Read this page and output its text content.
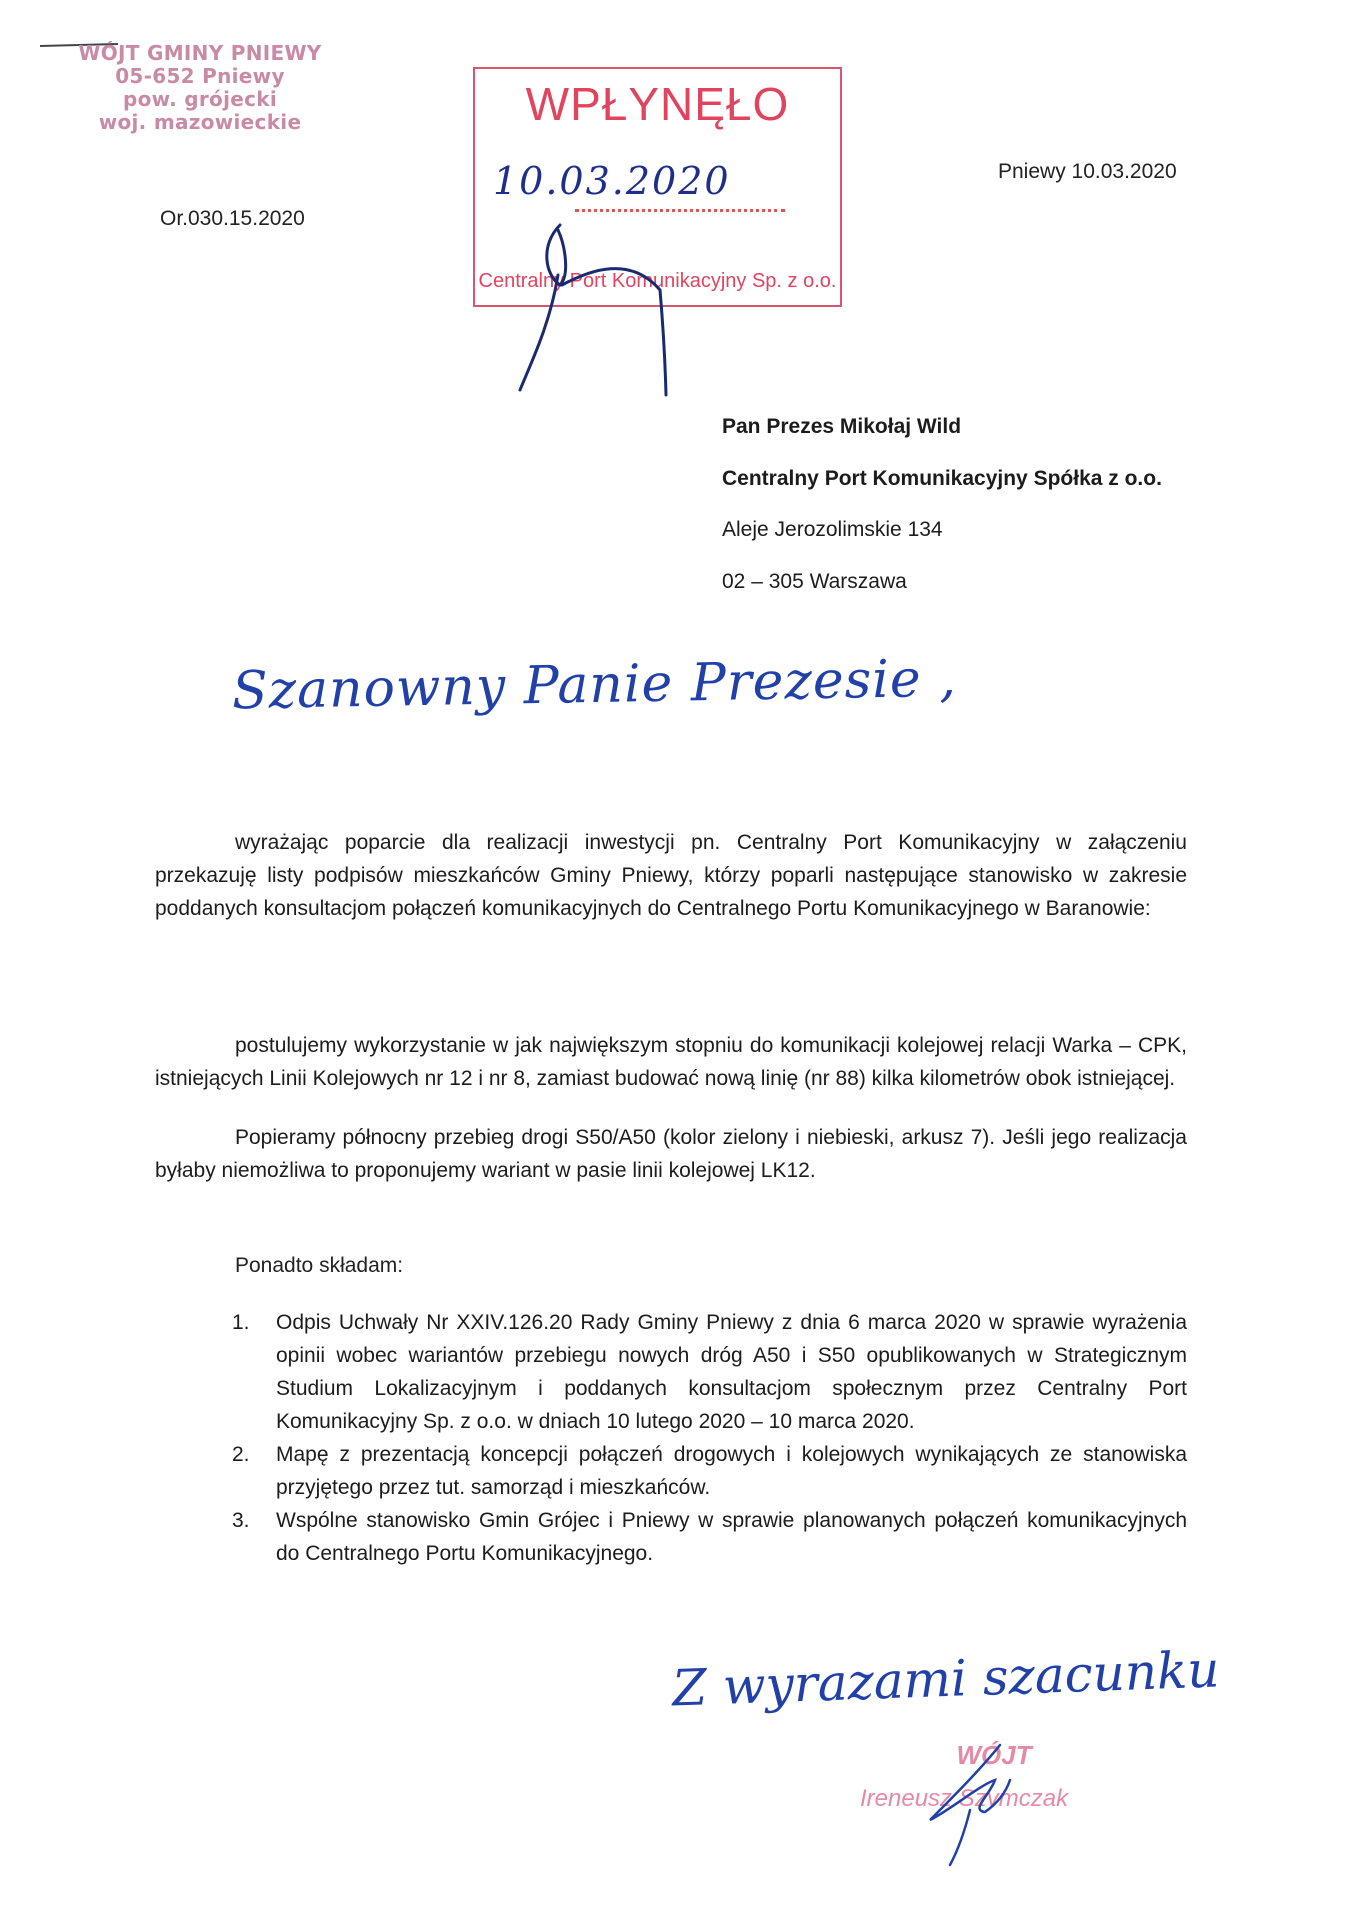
WÓJT GMINY PNIEWY
05-652 Pniewy
pow. grójecki
woj. mazowieckie	WPŁYNĘŁO
10.03.2020
Centralny Port Komunikacyjny Sp. z o.o.
Or.030.15.2020
Pniewy 10.03.2020
Pan Prezes Mikołaj Wild
Centralny Port Komunikacyjny Spółka z o.o.
Aleje Jerozolimskie 134
02 – 305 Warszawa
Szanowny Panie Prezesie ,
wyrażając poparcie dla realizacji inwestycji pn. Centralny Port Komunikacyjny w załączeniu przekazuję listy podpisów mieszkańców Gminy Pniewy, którzy poparli następujące stanowisko w zakresie poddanych konsultacjom połączeń komunikacyjnych do Centralnego Portu Komunikacyjnego w Baranowie:
postulujemy wykorzystanie w jak największym stopniu do komunikacji kolejowej relacji Warka – CPK, istniejących Linii Kolejowych nr 12 i nr 8, zamiast budować nową linię (nr 88) kilka kilometrów obok istniejącej.
Popieramy północny przebieg drogi S50/A50 (kolor zielony i niebieski, arkusz 7). Jeśli jego realizacja byłaby niemożliwa to proponujemy wariant w pasie linii kolejowej LK12.
Ponadto składam:
1. Odpis Uchwały Nr XXIV.126.20 Rady Gminy Pniewy z dnia 6 marca 2020 w sprawie wyrażenia opinii wobec wariantów przebiegu nowych dróg A50 i S50 opublikowanych w Strategicznym Studium Lokalizacyjnym i poddanych konsultacjom społecznym przez Centralny Port Komunikacyjny Sp. z o.o. w dniach 10 lutego 2020 – 10 marca 2020.
2. Mapę z prezentacją koncepcji połączeń drogowych i kolejowych wynikających ze stanowiska przyjętego przez tut. samorząd i mieszkańców.
3. Wspólne stanowisko Gmin Grójec i Pniewy w sprawie planowanych połączeń komunikacyjnych do Centralnego Portu Komunikacyjnego.
Z wyrazami szacunku
WÓJT
Ireneusz Szymczak
